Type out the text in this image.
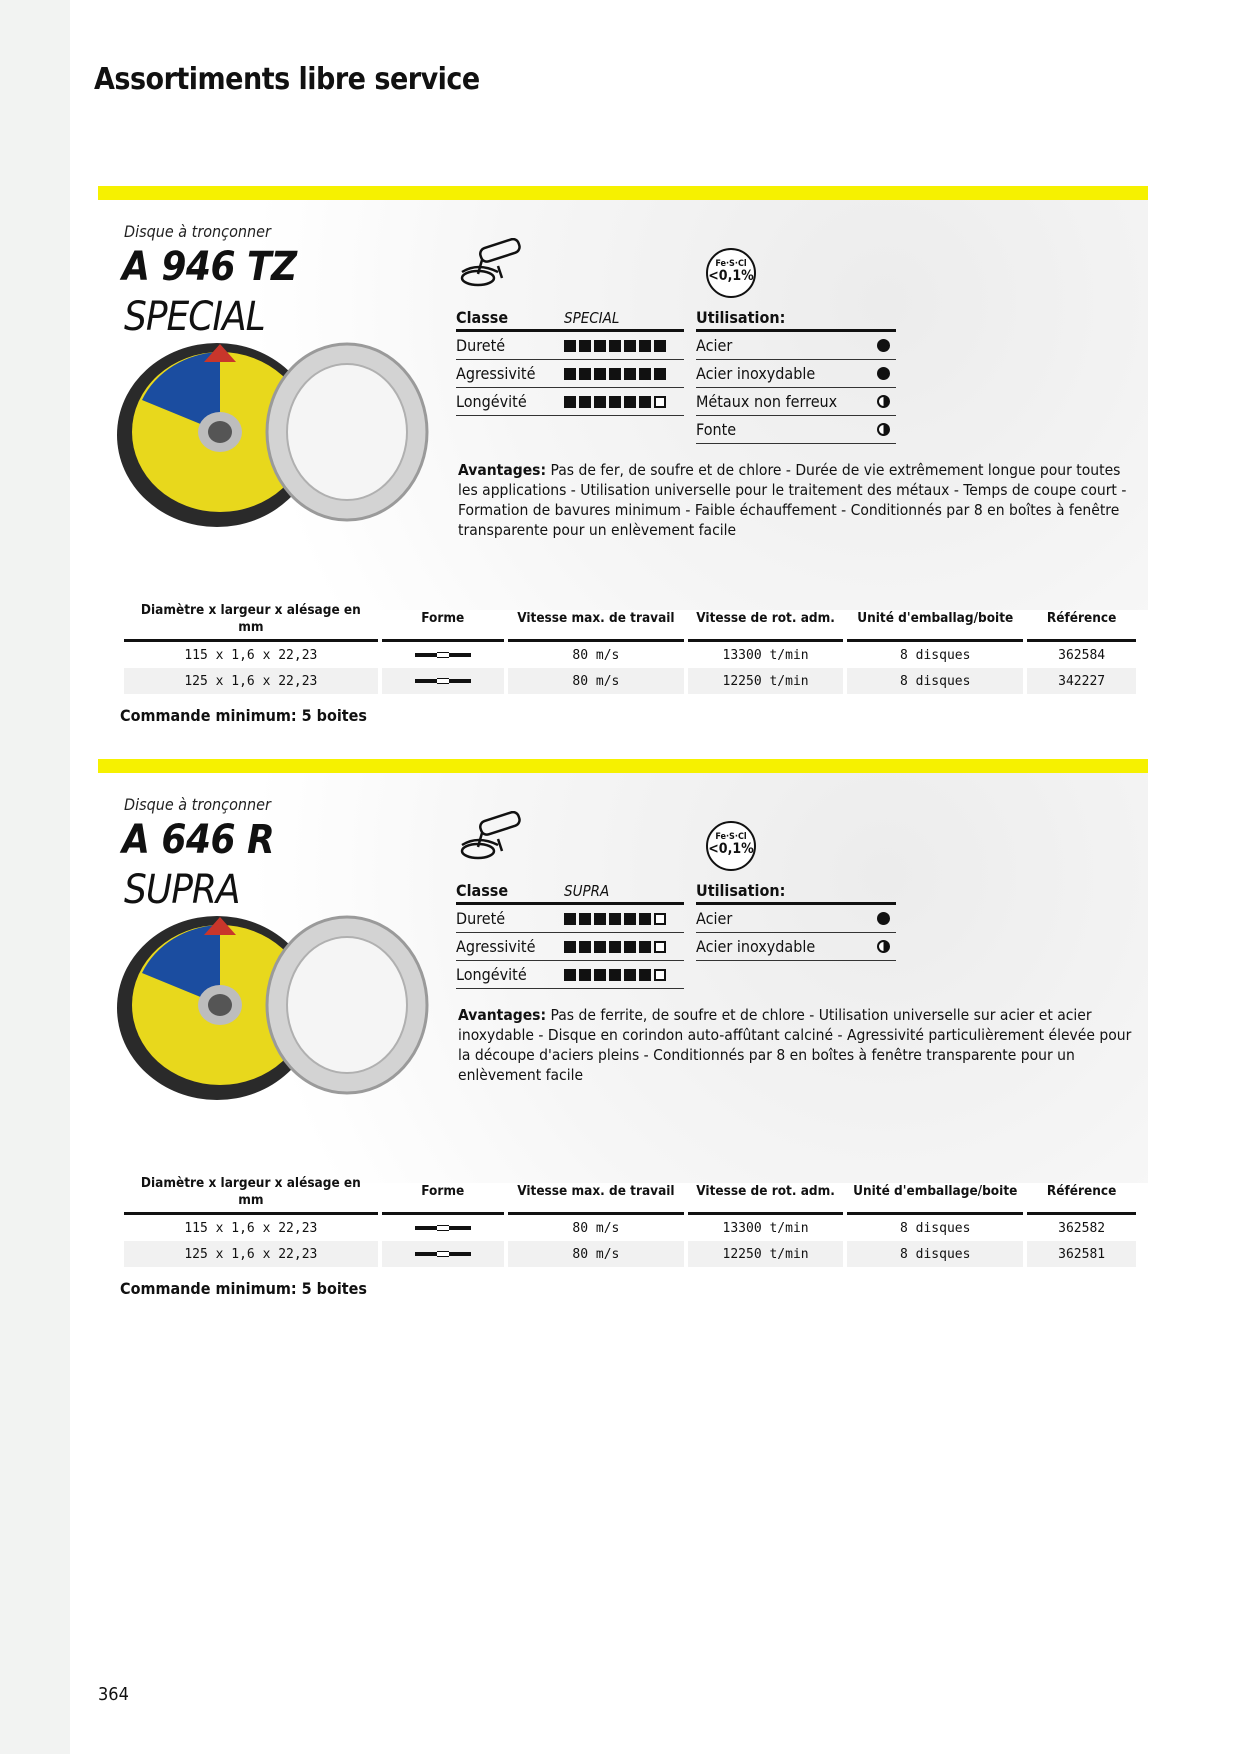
Assortiments libre service
Disque à tronçonner
A 946 TZ
SPECIAL
Fe·S·Cl
<0,1%
Classe	SPECIAL
Dureté
Agressivité
Longévité
Utilisation:
Acier
Acier inoxydable
Métaux non ferreux
Fonte

Avantages: Pas de fer, de soufre et de chlore - Durée de vie extrêmement longue pour toutes les applications - Utilisation universelle pour le traitement des métaux - Temps de coupe court - Formation de bavures minimum - Faible échauffement - Conditionnés par 8 en boîtes à fenêtre transparente pour un enlèvement facile

Diamètre x largeur x alésage en mm	Forme	Vitesse max. de travail	Vitesse de rot. adm.	Unité d'emballag/boite	Référence
115 x 1,6 x 22,23		80 m/s	13300 t/min	8 disques	362584
125 x 1,6 x 22,23		80 m/s	12250 t/min	8 disques	342227
Commande minimum: 5 boites
Disque à tronçonner
A 646 R
SUPRA
Fe·S·Cl
<0,1%
Classe	SUPRA
Dureté
Agressivité
Longévité
Utilisation:
Acier
Acier inoxydable

Avantages: Pas de ferrite, de soufre et de chlore - Utilisation universelle sur acier et acier inoxydable - Disque en corindon auto-affûtant calciné - Agressivité particulièrement élevée pour la découpe d'aciers pleins - Conditionnés par 8 en boîtes à fenêtre transparente pour un enlèvement facile

Diamètre x largeur x alésage en mm	Forme	Vitesse max. de travail	Vitesse de rot. adm.	Unité d'emballage/boite	Référence
115 x 1,6 x 22,23		80 m/s	13300 t/min	8 disques	362582
125 x 1,6 x 22,23		80 m/s	12250 t/min	8 disques	362581
Commande minimum: 5 boites
364
